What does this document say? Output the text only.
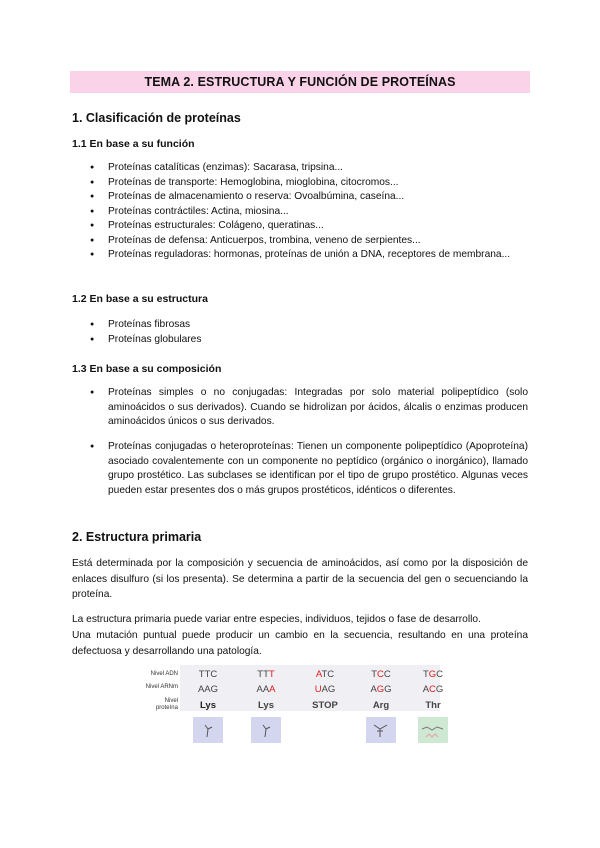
TEMA 2. ESTRUCTURA Y FUNCIÓN DE PROTEÍNAS
1. Clasificación de proteínas
1.1 En base a su función
● Proteínas catalíticas (enzimas): Sacarasa, tripsina...
● Proteínas de transporte: Hemoglobina, mioglobina, citocromos...
● Proteínas de almacenamiento o reserva: Ovoalbúmina, caseína...
● Proteínas contráctiles: Actina, miosina...
● Proteínas estructurales: Colágeno, queratinas...
● Proteínas de defensa: Anticuerpos, trombina, veneno de serpientes...
● Proteínas reguladoras: hormonas, proteínas de unión a DNA, receptores de membrana...
1.2 En base a su estructura
● Proteínas fibrosas
● Proteínas globulares
1.3 En base a su composición
● Proteínas simples o no conjugadas: Integradas por solo material polipeptídico (solo aminoácidos o sus derivados). Cuando se hidrolizan por ácidos, álcalis o enzimas producen aminoácidos únicos o sus derivados.
● Proteínas conjugadas o heteroproteínas: Tienen un componente polipeptídico (Apoproteína) asociado covalentemente con un componente no peptídico (orgánico o inorgánico), llamado grupo prostético. Las subclases se identifican por el tipo de grupo prostético. Algunas veces pueden estar presentes dos o más grupos prostéticos, idénticos o diferentes.
2. Estructura primaria

Está determinada por la composición y secuencia de aminoácidos, así como por la disposición de enlaces disulfuro (si los presenta). Se determina a partir de la secuencia del gen o secuenciando la proteína.

La estructura primaria puede variar entre especies, individuos, tejidos o fase de desarrollo.

Una mutación puntual puede producir un cambio en la secuencia, resultando en una proteína defectuosa y desarrollando una patología.

Nivel ADN
Nivel ARNm
Nivel
proteína
TTC
AAG
Lys
TTT
AAA
Lys
ATC
UAG
STOP
TCC
AGG
Arg
TGC
ACG
Thr
